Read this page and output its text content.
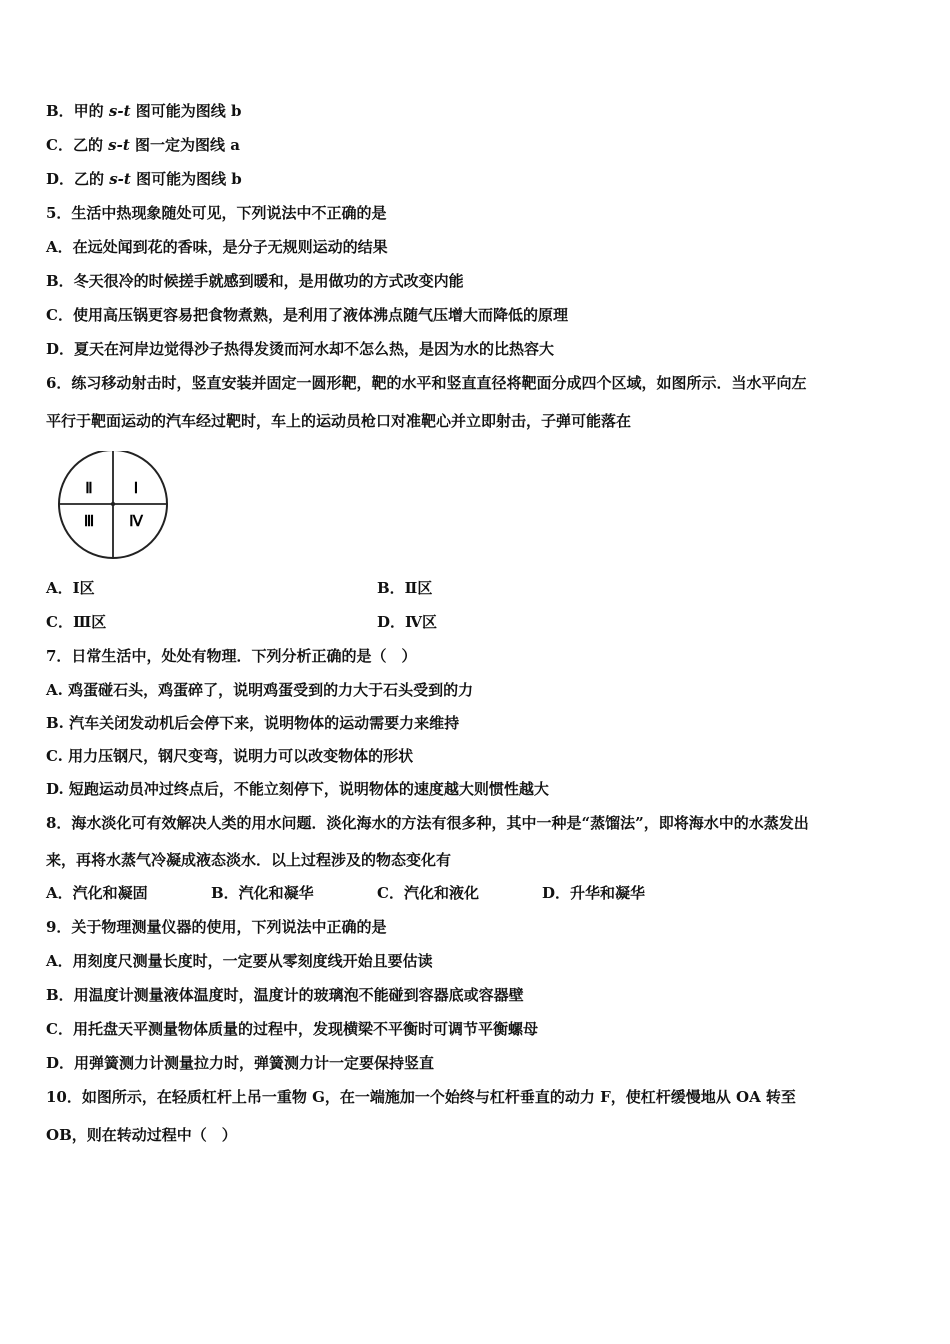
B．甲的 s-t 图可能为图线 b
C．乙的 s-t 图一定为图线 a
D．乙的 s-t 图可能为图线 b
5．生活中热现象随处可见，下列说法中不正确的是
A．在远处闻到花的香味，是分子无规则运动的结果
B．冬天很冷的时候搓手就感到暖和，是用做功的方式改变内能
C．使用高压锅更容易把食物煮熟，是利用了液体沸点随气压增大而降低的原理
D．夏天在河岸边觉得沙子热得发烫而河水却不怎么热，是因为水的比热容大
6．练习移动射击时，竖直安装并固定一圆形靶，靶的水平和竖直直径将靶面分成四个区域，如图所示．当水平向左
平行于靶面运动的汽车经过靶时，车上的运动员枪口对准靶心并立即射击，子弹可能落在
Ⅱ	Ⅰ
Ⅲ Ⅳ
A．Ⅰ区	B．Ⅱ区
C．Ⅲ区	D．Ⅳ区
7．日常生活中，处处有物理．下列分析正确的是（　）
A. 鸡蛋碰石头，鸡蛋碎了，说明鸡蛋受到的力大于石头受到的力
B. 汽车关闭发动机后会停下来，说明物体的运动需要力来维持
C. 用力压钢尺，钢尺变弯，说明力可以改变物体的形状
D. 短跑运动员冲过终点后，不能立刻停下，说明物体的速度越大则惯性越大
8．海水淡化可有效解决人类的用水问题．淡化海水的方法有很多种，其中一种是“蒸馏法”，即将海水中的水蒸发出
来，再将水蒸气冷凝成液态淡水．以上过程涉及的物态变化有
A．汽化和凝固	B．汽化和凝华	C．汽化和液化	D．升华和凝华
9．关于物理测量仪器的使用，下列说法中正确的是
A．用刻度尺测量长度时，一定要从零刻度线开始且要估读
B．用温度计测量液体温度时，温度计的玻璃泡不能碰到容器底或容器壁
C．用托盘天平测量物体质量的过程中，发现横梁不平衡时可调节平衡螺母
D．用弹簧测力计测量拉力时，弹簧测力计一定要保持竖直
10．如图所示，在轻质杠杆上吊一重物 G，在一端施加一个始终与杠杆垂直的动力 F，使杠杆缓慢地从 OA 转至
OB，则在转动过程中（　）
